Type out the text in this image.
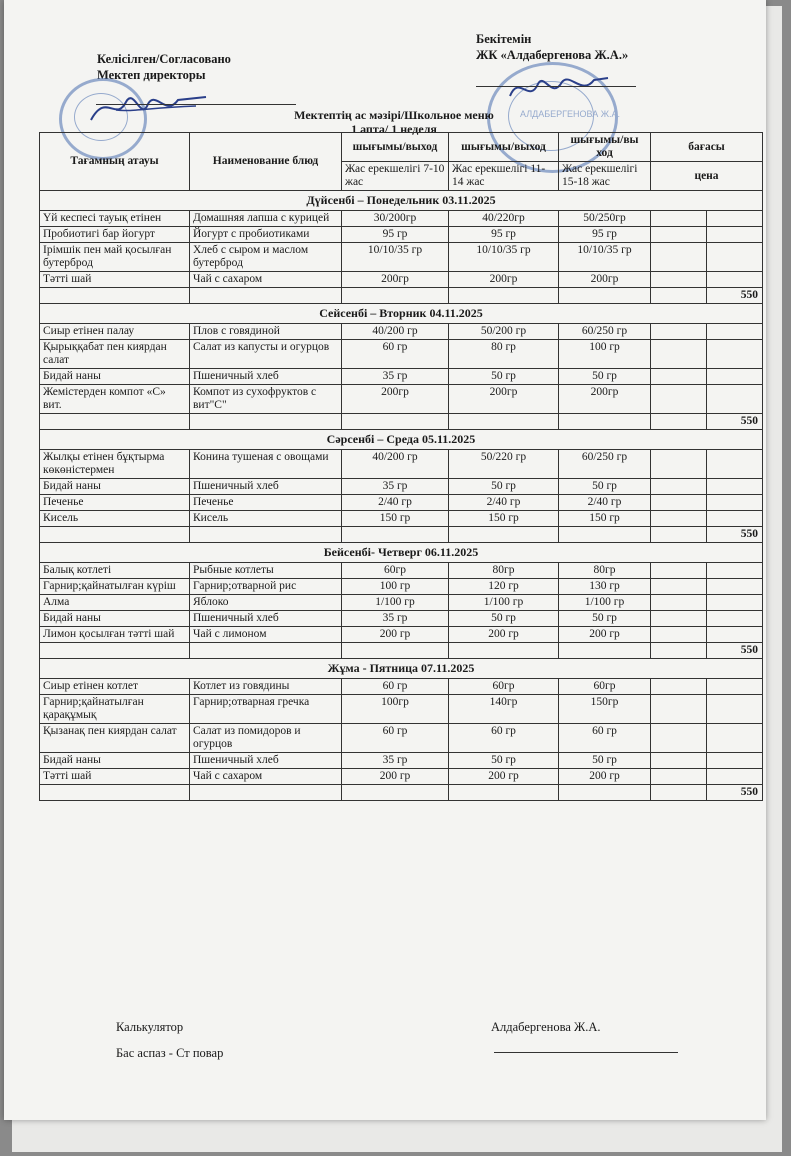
Келісілген/Согласовано
Мектеп директоры
Бекітемін
ЖК «Алдабергенова Ж.А.»
АЛДАБЕРГЕНОВА Ж.А.
Мектептің ас мәзірі/Школьное меню
1 апта/ 1 неделя
Тағамның атауы	Наименование блюд	шығымы/выход	шығымы/выход	шығымы/вы ход	бағасы	
		Жас ерекшелігі 7-10 жас	Жас ерекшелігі 11-14 жас	Жас ерекшелігі 15-18 жас	цена	
Дүйсенбі – Понедельник 03.11.2025						
Үй кеспесі тауық етінен	Домашняя лапша с курицей	30/200гр	40/220гр	50/250гр		
Пробиотигі бар йогурт	Йогурт с пробиотиками	95 гр	95 гр	95 гр		
Ірімшік пен май қосылған бутерброд	Хлеб с сыром и маслом бутерброд	10/10/35 гр	10/10/35 гр	10/10/35 гр		
Тәтті шай	Чай с сахаром	200гр	200гр	200гр		
						550
Сейсенбі – Вторник 04.11.2025						
Сиыр етінен палау	Плов с говядиной	40/200 гр	50/200 гр	60/250 гр		
Қырыққабат пен киярдан салат	Салат из капусты и огурцов	60 гр	80 гр	100 гр		
Бидай наны	Пшеничный хлеб	35 гр	50 гр	50 гр		
Жемістерден компот «С» вит.	Компот из сухофруктов с вит"С"	200гр	200гр	200гр		
						550
Сәрсенбі – Среда 05.11.2025						
Жылқы етінен бұқтырма көкөністермен	Конина тушеная с овощами	40/200 гр	50/220 гр	60/250 гр		
Бидай наны	Пшеничный хлеб	35 гр	50 гр	50 гр		
Печенье	Печенье	2/40 гр	2/40 гр	2/40 гр		
Кисель	Кисель	150 гр	150 гр	150 гр		
						550
Бейсенбі- Четверг 06.11.2025						
Балық котлеті	Рыбные котлеты	60гр	80гр	80гр		
Гарнир;қайнатылған күріш	Гарнир;отварной рис	100 гр	120 гр	130 гр		
Алма	Яблоко	1/100 гр	1/100 гр	1/100 гр		
Бидай наны	Пшеничный хлеб	35 гр	50 гр	50 гр		
Лимон қосылған тәтті шай	Чай с лимоном	200 гр	200 гр	200 гр		
						550
Жұма - Пятница 07.11.2025						
Сиыр етінен котлет	Котлет из говядины	60 гр	60гр	60гр		
Гарнир;қайнатылған қарақұмық	Гарнир;отварная гречка	100гр	140гр	150гр		
Қызанақ пен киярдан салат	Салат из помидоров и огурцов	60 гр	60 гр	60 гр		
Бидай наны	Пшеничный хлеб	35 гр	50 гр	50 гр		
Тәтті шай	Чай с сахаром	200 гр	200 гр	200 гр		
						550
Калькулятор
Бас аспаз - Ст повар
Алдабергенова Ж.А.
